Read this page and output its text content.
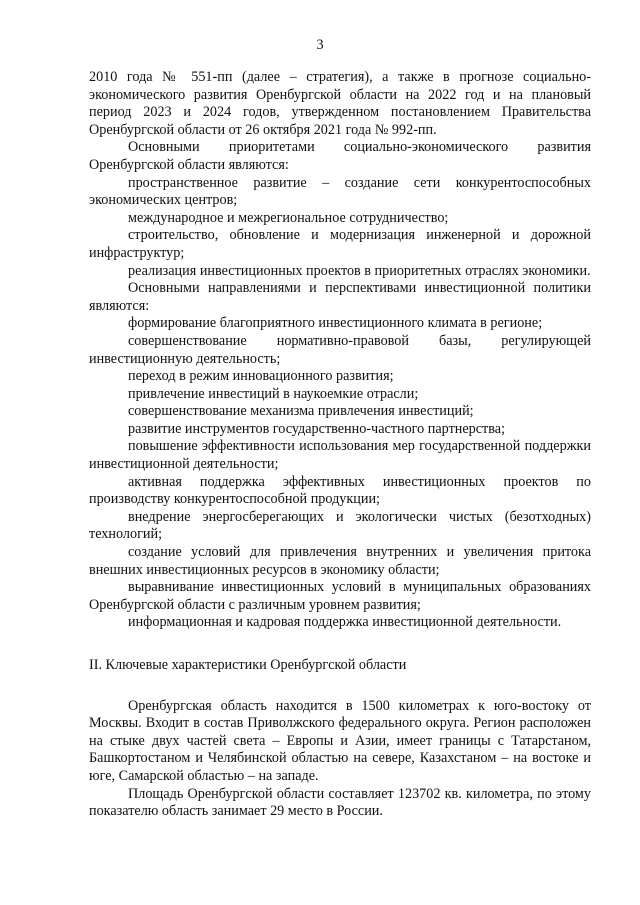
3

2010 года № 551-пп (далее – стратегия), а также в прогнозе социально-экономического развития Оренбургской области на 2022 год и на плановый период 2023 и 2024 годов, утвержденном постановлением Правительства Оренбургской области от 26 октября 2021 года № 992-пп.

Основными приоритетами социально-экономического развития Оренбургской области являются:

пространственное развитие – создание сети конкурентоспособных экономических центров;

международное и межрегиональное сотрудничество;

строительство, обновление и модернизация инженерной и дорожной инфраструктур;

реализация инвестиционных проектов в приоритетных отраслях экономики.

Основными направлениями и перспективами инвестиционной политики являются:

формирование благоприятного инвестиционного климата в регионе;

совершенствование нормативно-правовой базы, регулирующей инвестиционную деятельность;

переход в режим инновационного развития;

привлечение инвестиций в наукоемкие отрасли;

совершенствование механизма привлечения инвестиций;

развитие инструментов государственно-частного партнерства;

повышение эффективности использования мер государственной поддержки инвестиционной деятельности;

активная поддержка эффективных инвестиционных проектов по производству конкурентоспособной продукции;

внедрение энергосберегающих и экологически чистых (безотходных) технологий;

создание условий для привлечения внутренних и увеличения притока внешних инвестиционных ресурсов в экономику области;

выравнивание инвестиционных условий в муниципальных образованиях Оренбургской области с различным уровнем развития;

информационная и кадровая поддержка инвестиционной деятельности.

II. Ключевые характеристики Оренбургской области

Оренбургская область находится в 1500 километрах к юго-востоку от Москвы. Входит в состав Приволжского федерального округа. Регион расположен на стыке двух частей света – Европы и Азии, имеет границы с Татарстаном, Башкортостаном и Челябинской областью на севере, Казахстаном – на востоке и юге, Самарской областью – на западе.

Площадь Оренбургской области составляет 123702 кв. километра, по этому показателю область занимает 29 место в России.
